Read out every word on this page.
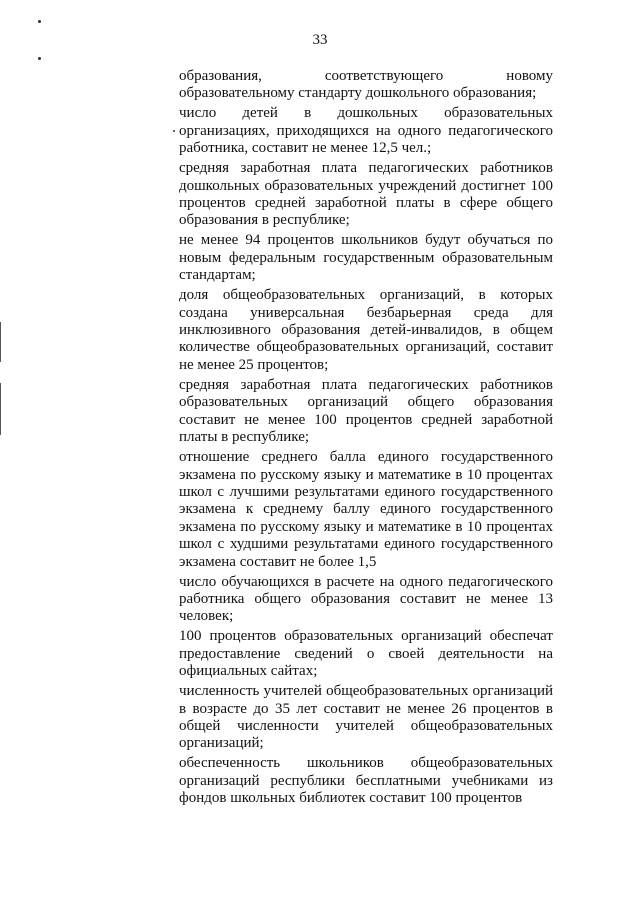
33

образования, соответствующего новому образовательному стандарту дошкольного образования;

число детей в дошкольных образовательных организациях, приходящихся на одного педагогического работника, составит не менее 12,5 чел.;

средняя заработная плата педагогических работников дошкольных образовательных учреждений достигнет 100 процентов средней заработной платы в сфере общего образования в республике;

не менее 94 процентов школьников будут обучаться по новым федеральным государственным образовательным стандартам;

доля общеобразовательных организаций, в которых создана универсальная безбарьерная среда для инклюзивного образования детей-инвалидов, в общем количестве общеобразовательных организаций, составит не менее 25 процентов;

средняя заработная плата педагогических работников образовательных организаций общего образования составит не менее 100 процентов средней заработной платы в республике;

отношение среднего балла единого государственного экзамена по русскому языку и математике в 10 процентах школ с лучшими результатами единого государственного экзамена к среднему баллу единого государственного экзамена по русскому языку и математике в 10 процентах школ с худшими результатами единого государственного экзамена составит не более 1,5

число обучающихся в расчете на одного педагогического работника общего образования составит не менее 13 человек;

100 процентов образовательных организаций обеспечат предоставление сведений о своей деятельности на официальных сайтах;

численность учителей общеобразовательных организаций в возрасте до 35 лет составит не менее 26 процентов в общей численности учителей общеобразовательных организаций;

обеспеченность школьников общеобразовательных организаций республики бесплатными учебниками из фондов школьных библиотек составит 100 процентов
